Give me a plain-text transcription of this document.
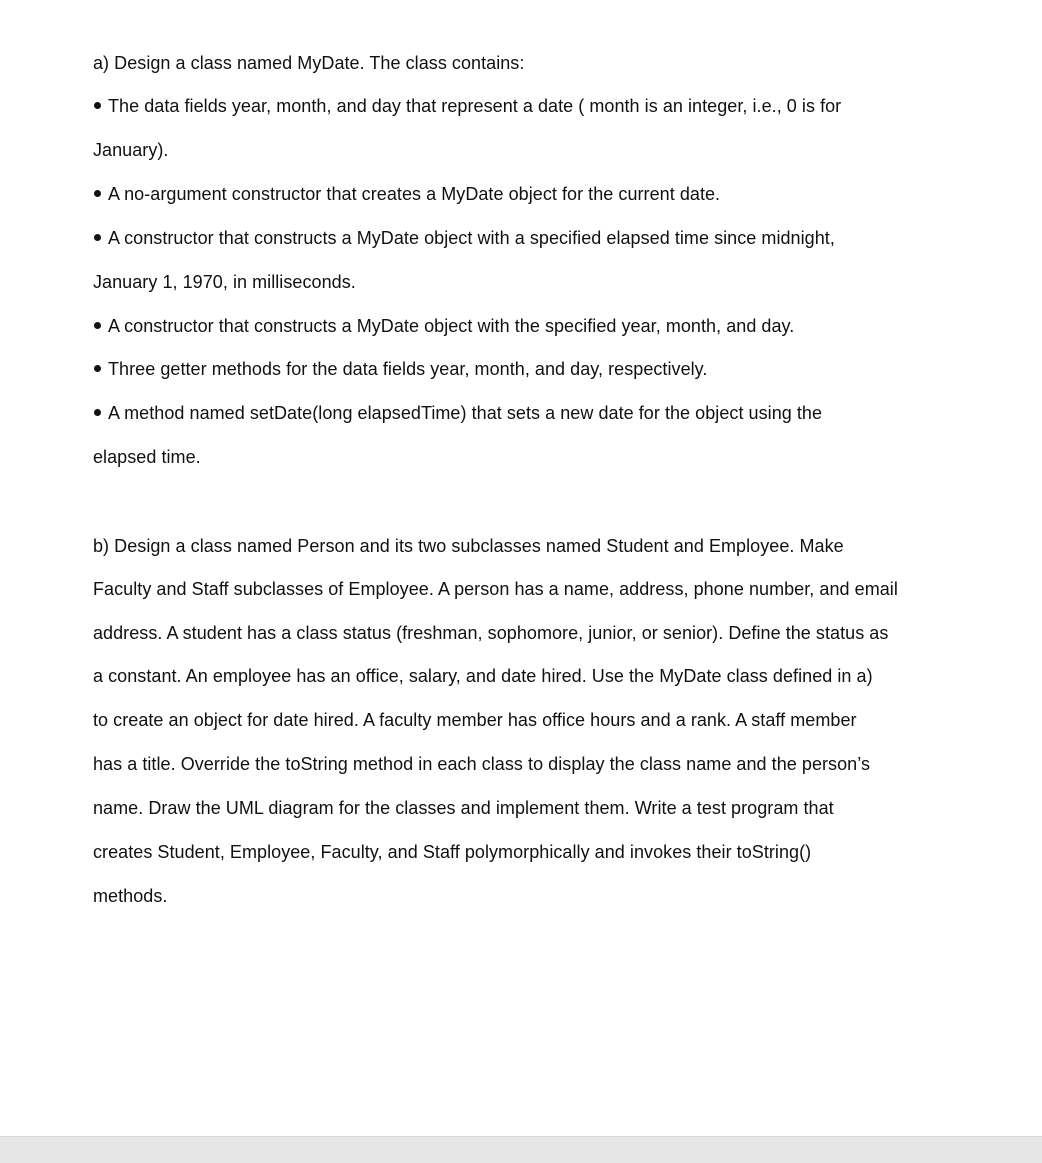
a) Design a class named MyDate. The class contains:
The data fields year, month, and day that represent a date ( month is an integer, i.e., 0 is for
January).
A no-argument constructor that creates a MyDate object for the current date.
A constructor that constructs a MyDate object with a specified elapsed time since midnight,
January 1, 1970, in milliseconds.
A constructor that constructs a MyDate object with the specified year, month, and day.
Three getter methods for the data fields year, month, and day, respectively.
A method named setDate(long elapsedTime) that sets a new date for the object using the
elapsed time.
b) Design a class named Person and its two subclasses named Student and Employee. Make
Faculty and Staff subclasses of Employee. A person has a name, address, phone number, and email
address. A student has a class status (freshman, sophomore, junior, or senior). Define the status as
a constant. An employee has an office, salary, and date hired. Use the MyDate class defined in a)
to create an object for date hired. A faculty member has office hours and a rank. A staff member
has a title. Override the toString method in each class to display the class name and the person’s
name. Draw the UML diagram for the classes and implement them. Write a test program that
creates Student, Employee, Faculty, and Staff polymorphically and invokes their toString()
methods.
